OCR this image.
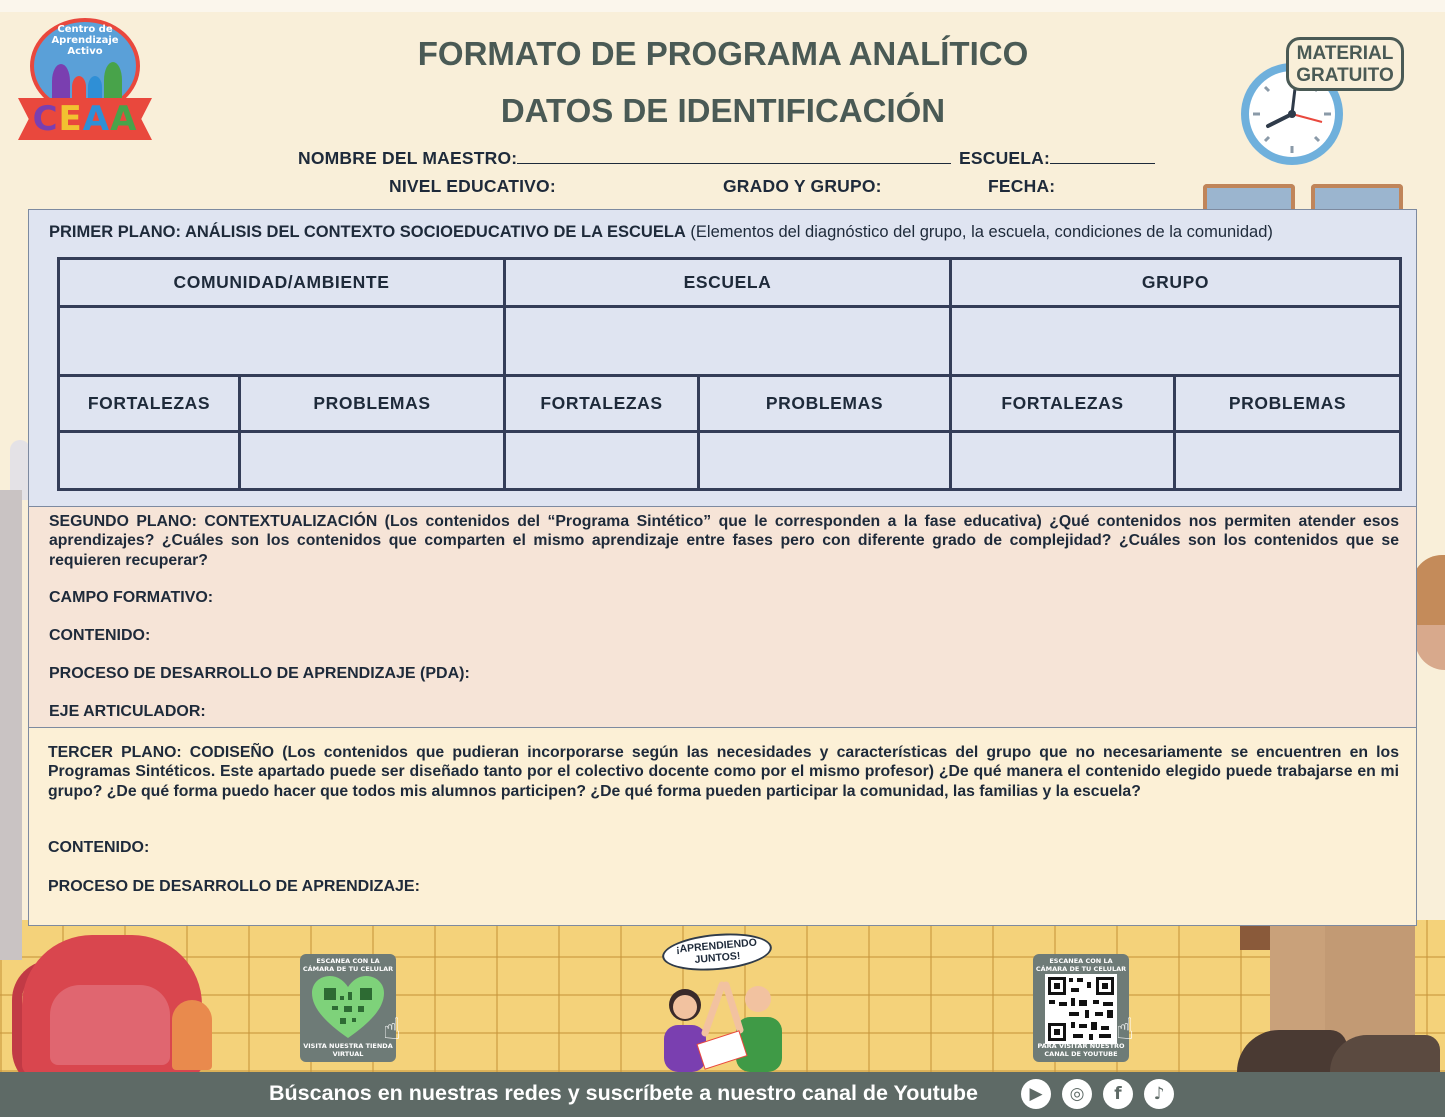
Centro de Aprendizaje Activo
CEAA
MATERIAL
GRATUITO
FORMATO DE PROGRAMA ANALÍTICO
DATOS DE IDENTIFICACIÓN
NOMBRE DEL MAESTRO:	ESCUELA:
NIVEL EDUCATIVO:	GRADO Y GRUPO:	FECHA:
PRIMER PLANO: ANÁLISIS DEL CONTEXTO SOCIOEDUCATIVO DE LA ESCUELA (Elementos del diagnóstico del grupo, la escuela, condiciones de la comunidad)
COMUNIDAD/AMBIENTE		ESCUELA		GRUPO	

FORTALEZAS	PROBLEMAS	FORTALEZAS	PROBLEMAS	FORTALEZAS	PROBLEMAS

SEGUNDO PLANO: CONTEXTUALIZACIÓN (Los contenidos del “Programa Sintético” que le corresponden a la fase educativa) ¿Qué contenidos nos permiten atender esos aprendizajes? ¿Cuáles son los contenidos que comparten el mismo aprendizaje entre fases pero con diferente grado de complejidad? ¿Cuáles son los contenidos que se requieren recuperar?
CAMPO FORMATIVO:
CONTENIDO:
PROCESO DE DESARROLLO DE APRENDIZAJE (PDA):
EJE ARTICULADOR:
TERCER PLANO: CODISEÑO (Los contenidos que pudieran incorporarse según las necesidades y características del grupo que no necesariamente se encuentren en los Programas Sintéticos. Este apartado puede ser diseñado tanto por el colectivo docente como por el mismo profesor) ¿De qué manera el contenido elegido puede trabajarse en mi grupo? ¿De qué forma puedo hacer que todos mis alumnos participen? ¿De qué forma pueden participar la comunidad, las familias y la escuela?
CONTENIDO:
PROCESO DE DESARROLLO DE APRENDIZAJE:
ESCANEA CON LA CÁMARA DE TU CELULAR
VISITA NUESTRA TIENDA VIRTUAL
☝
¡APRENDIENDO JUNTOS!	ESCANEA CON LA CÁMARA DE TU CELULAR
PARA VISITAR NUESTRO CANAL DE YOUTUBE
☝
Búscanos en nuestras redes y suscríbete a nuestro canal de Youtube	▶	◎	f	♪
